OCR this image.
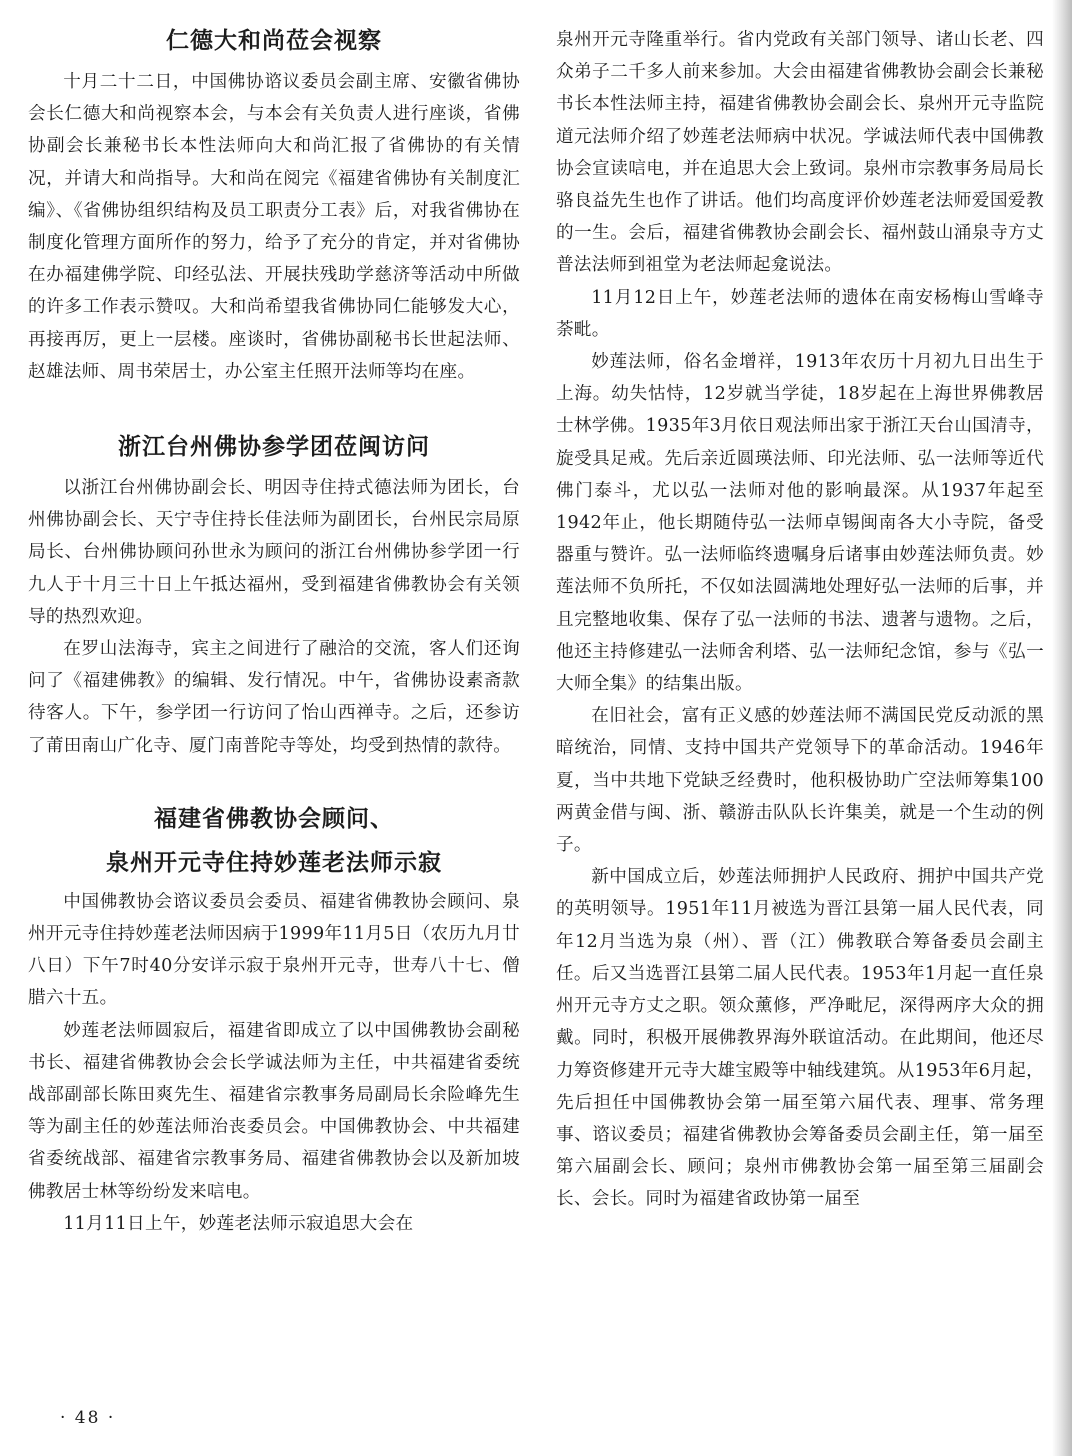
仁德大和尚莅会视察

十月二十二日，中国佛协谘议委员会副主席、安徽省佛协会长仁德大和尚视察本会，与本会有关负责人进行座谈，省佛协副会长兼秘书长本性法师向大和尚汇报了省佛协的有关情况，并请大和尚指导。大和尚在阅完《福建省佛协有关制度汇编》、《省佛协组织结构及员工职责分工表》后，对我省佛协在制度化管理方面所作的努力，给予了充分的肯定，并对省佛协在办福建佛学院、印经弘法、开展扶残助学慈济等活动中所做的许多工作表示赞叹。大和尚希望我省佛协同仁能够发大心，再接再厉，更上一层楼。座谈时，省佛协副秘书长世起法师、赵雄法师、周书荣居士，办公室主任照开法师等均在座。

浙江台州佛协参学团莅闽访问

以浙江台州佛协副会长、明因寺住持式德法师为团长，台州佛协副会长、天宁寺住持长佳法师为副团长，台州民宗局原局长、台州佛协顾问孙世永为顾问的浙江台州佛协参学团一行九人于十月三十日上午抵达福州，受到福建省佛教协会有关领导的热烈欢迎。

在罗山法海寺，宾主之间进行了融洽的交流，客人们还询问了《福建佛教》的编辑、发行情况。中午，省佛协设素斋款待客人。下午，参学团一行访问了怡山西禅寺。之后，还参访了莆田南山广化寺、厦门南普陀寺等处，均受到热情的款待。

福建省佛教协会顾问、
泉州开元寺住持妙莲老法师示寂

中国佛教协会谘议委员会委员、福建省佛教协会顾问、泉州开元寺住持妙莲老法师因病于1999年11月5日（农历九月廿八日）下午7时40分安详示寂于泉州开元寺，世寿八十七、僧腊六十五。

妙莲老法师圆寂后，福建省即成立了以中国佛教协会副秘书长、福建省佛教协会会长学诚法师为主任，中共福建省委统战部副部长陈田爽先生、福建省宗教事务局副局长余险峰先生等为副主任的妙莲法师治丧委员会。中国佛教协会、中共福建省委统战部、福建省宗教事务局、福建省佛教协会以及新加坡佛教居士林等纷纷发来唁电。

11月11日上午，妙莲老法师示寂追思大会在

泉州开元寺隆重举行。省内党政有关部门领导、诸山长老、四众弟子二千多人前来参加。大会由福建省佛教协会副会长兼秘书长本性法师主持，福建省佛教协会副会长、泉州开元寺监院道元法师介绍了妙莲老法师病中状况。学诚法师代表中国佛教协会宣读唁电，并在追思大会上致词。泉州市宗教事务局局长骆良益先生也作了讲话。他们均高度评价妙莲老法师爱国爱教的一生。会后，福建省佛教协会副会长、福州鼓山涌泉寺方丈普法法师到祖堂为老法师起龛说法。

11月12日上午，妙莲老法师的遗体在南安杨梅山雪峰寺荼毗。

妙莲法师，俗名金增祥，1913年农历十月初九日出生于上海。幼失怙恃，12岁就当学徒，18岁起在上海世界佛教居士林学佛。1935年3月依日观法师出家于浙江天台山国清寺，旋受具足戒。先后亲近圆瑛法师、印光法师、弘一法师等近代佛门泰斗，尤以弘一法师对他的影响最深。从1937年起至1942年止，他长期随侍弘一法师卓锡闽南各大小寺院，备受器重与赞许。弘一法师临终遗嘱身后诸事由妙莲法师负责。妙莲法师不负所托，不仅如法圆满地处理好弘一法师的后事，并且完整地收集、保存了弘一法师的书法、遗著与遗物。之后，他还主持修建弘一法师舍利塔、弘一法师纪念馆，参与《弘一大师全集》的结集出版。

在旧社会，富有正义感的妙莲法师不满国民党反动派的黑暗统治，同情、支持中国共产党领导下的革命活动。1946年夏，当中共地下党缺乏经费时，他积极协助广空法师筹集100两黄金借与闽、浙、赣游击队队长许集美，就是一个生动的例子。

新中国成立后，妙莲法师拥护人民政府、拥护中国共产党的英明领导。1951年11月被选为晋江县第一届人民代表，同年12月当选为泉（州）、晋（江）佛教联合筹备委员会副主任。后又当选晋江县第二届人民代表。1953年1月起一直任泉州开元寺方丈之职。领众薰修，严净毗尼，深得两序大众的拥戴。同时，积极开展佛教界海外联谊活动。在此期间，他还尽力筹资修建开元寺大雄宝殿等中轴线建筑。从1953年6月起，先后担任中国佛教协会第一届至第六届代表、理事、常务理事、谘议委员；福建省佛教协会筹备委员会副主任，第一届至第六届副会长、顾问；泉州市佛教协会第一届至第三届副会长、会长。同时为福建省政协第一届至

· 48 ·
